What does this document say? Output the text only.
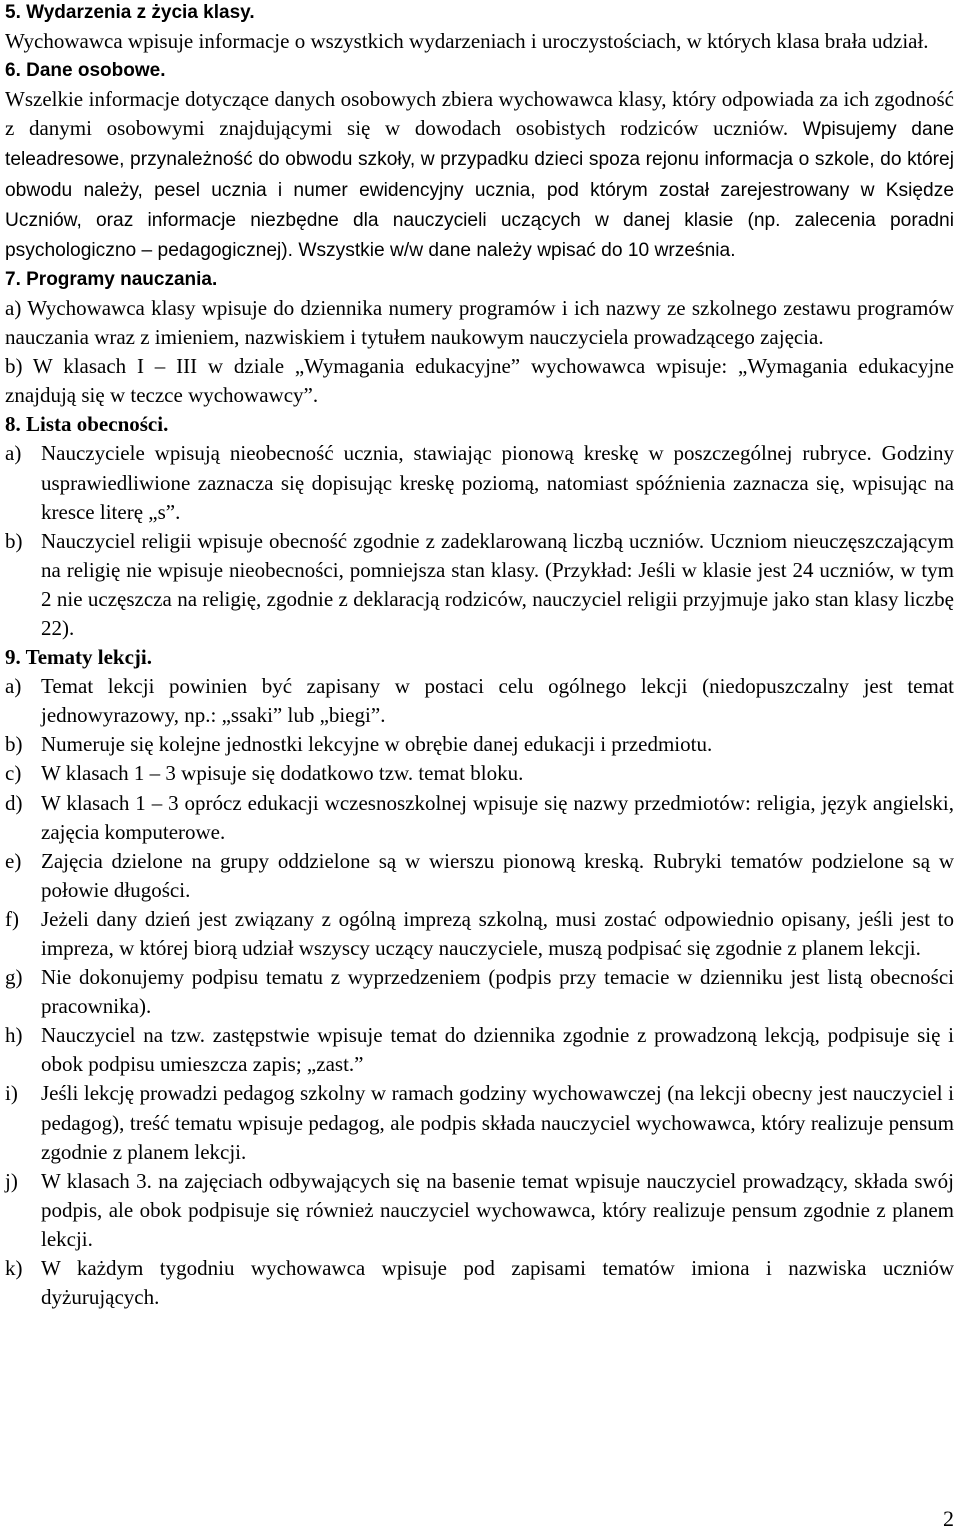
5. Wydarzenia z życia klasy.

Wychowawca wpisuje informacje o wszystkich wydarzeniach i uroczystościach, w których klasa brała udział.

6. Dane osobowe.

Wszelkie informacje dotyczące danych osobowych zbiera wychowawca klasy, który odpowiada za ich zgodność z danymi osobowymi znajdującymi się w dowodach osobistych rodziców uczniów. Wpisujemy dane teleadresowe, przynależność do obwodu szkoły, w przypadku dzieci spoza rejonu informacja o szkole, do której obwodu należy, pesel ucznia i numer ewidencyjny ucznia, pod którym został zarejestrowany w Księdze Uczniów, oraz informacje niezbędne dla nauczycieli uczących w danej klasie (np. zalecenia poradni psychologiczno – pedagogicznej). Wszystkie w/w dane należy wpisać do 10 września.

7. Programy nauczania.

a) Wychowawca klasy wpisuje do dziennika numery programów i ich nazwy ze szkolnego zestawu programów nauczania wraz z imieniem, nazwiskiem i tytułem naukowym nauczyciela prowadzącego zajęcia.

b) W klasach I – III w dziale „Wymagania edukacyjne” wychowawca wpisuje: „Wymagania edukacyjne znajdują się w teczce wychowawcy”.

8. Lista obecności.

a) Nauczyciele wpisują nieobecność ucznia, stawiając pionową kreskę w poszczególnej rubryce. Godziny usprawiedliwione zaznacza się dopisując kreskę poziomą, natomiast spóźnienia zaznacza się, wpisując na kresce literę „s”.
b) Nauczyciel religii wpisuje obecność zgodnie z zadeklarowaną liczbą uczniów. Uczniom nieuczęszczającym na religię nie wpisuje nieobecności, pomniejsza stan klasy. (Przykład: Jeśli w klasie jest 24 uczniów, w tym 2 nie uczęszcza na religię, zgodnie z deklaracją rodziców, nauczyciel religii przyjmuje jako stan klasy liczbę 22).

9. Tematy lekcji.

a) Temat lekcji powinien być zapisany w postaci celu ogólnego lekcji (niedopuszczalny jest temat jednowyrazowy, np.: „ssaki” lub „biegi”.
b) Numeruje się kolejne jednostki lekcyjne w obrębie danej edukacji i przedmiotu.
c) W klasach 1 – 3 wpisuje się dodatkowo tzw. temat bloku.
d) W klasach 1 – 3 oprócz edukacji wczesnoszkolnej wpisuje się nazwy przedmiotów: religia, język angielski, zajęcia komputerowe.
e) Zajęcia dzielone na grupy oddzielone są w wierszu pionową kreską. Rubryki tematów podzielone są w połowie długości.
f)	Jeżeli dany dzień jest związany z ogólną imprezą szkolną, musi zostać odpowiednio opisany, jeśli jest to impreza, w której biorą udział wszyscy uczący nauczyciele, muszą podpisać się zgodnie z planem lekcji.
g) Nie dokonujemy podpisu tematu z wyprzedzeniem (podpis przy temacie w dzienniku jest listą obecności pracownika).
h) Nauczyciel na tzw. zastępstwie wpisuje temat do dziennika zgodnie z prowadzoną lekcją, podpisuje się i obok podpisu umieszcza zapis; „zast.”
i)	Jeśli lekcję prowadzi pedagog szkolny w ramach godziny wychowawczej (na lekcji obecny jest nauczyciel i pedagog), treść tematu wpisuje pedagog, ale podpis składa nauczyciel wychowawca, który realizuje pensum zgodnie z planem lekcji.
j)	W klasach 3. na zajęciach odbywających się na basenie temat wpisuje nauczyciel prowadzący, składa swój podpis, ale obok podpisuje się również nauczyciel wychowawca, który realizuje pensum zgodnie z planem lekcji.
k) W każdym tygodniu wychowawca wpisuje pod zapisami tematów imiona i nazwiska uczniów dyżurujących.
2
